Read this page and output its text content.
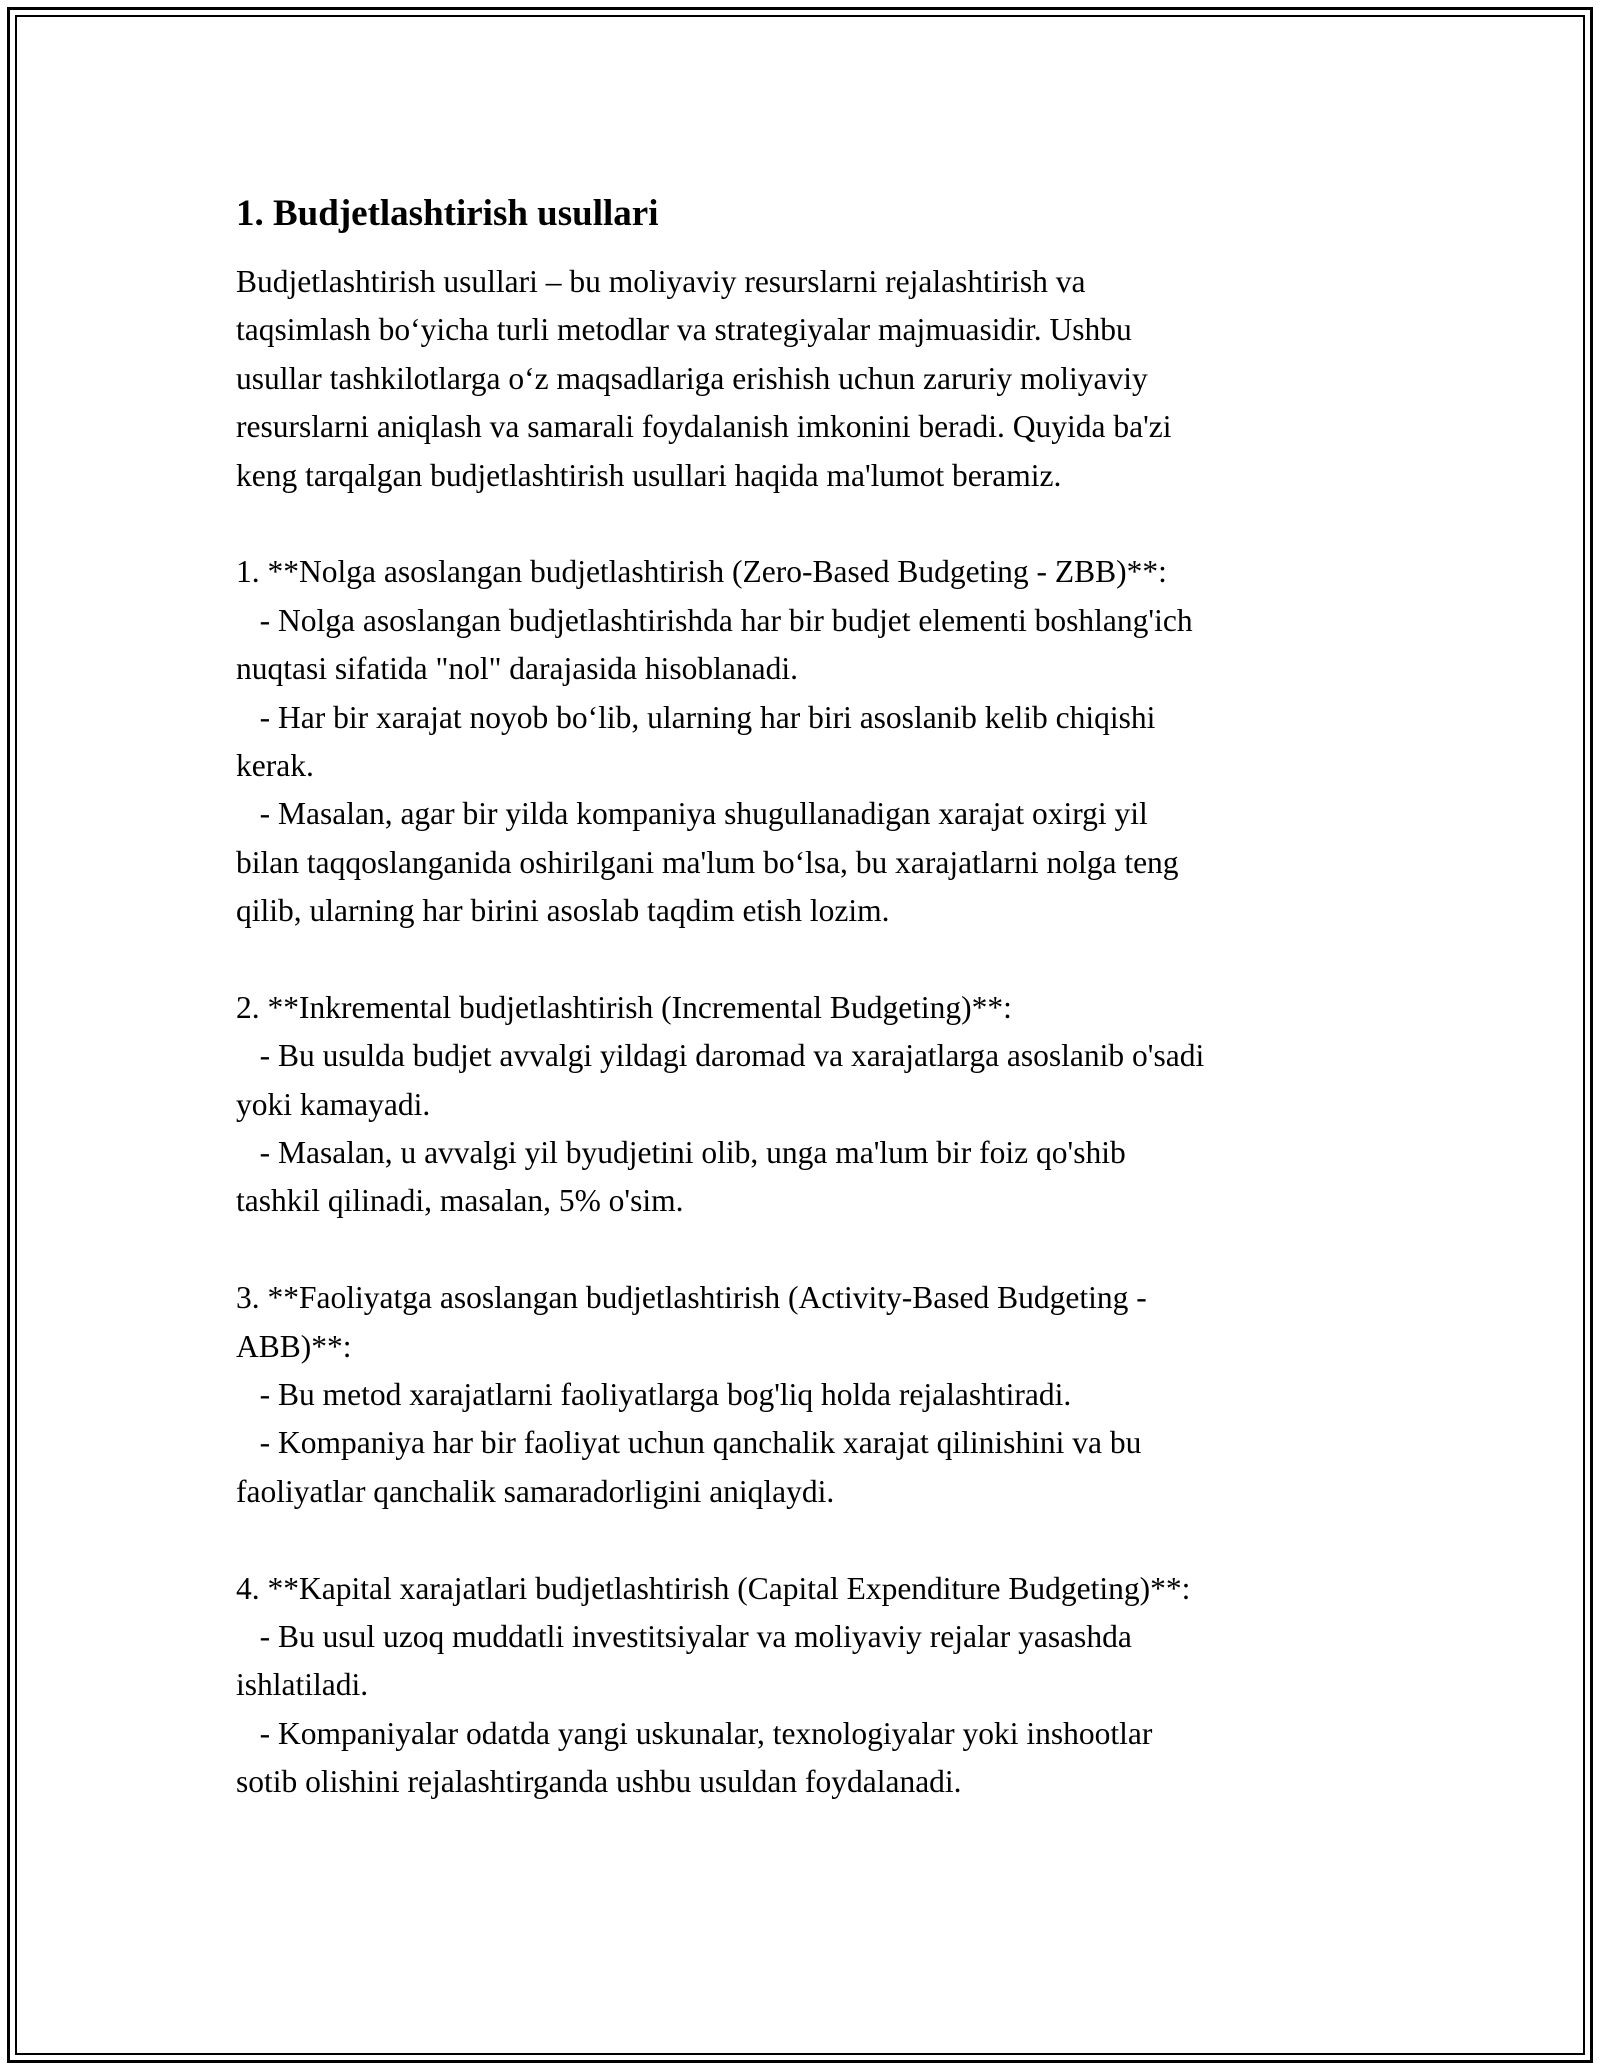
1. Budjetlashtirish usullari
Budjetlashtirish usullari – bu moliyaviy resurslarni rejalashtirish va
taqsimlash bo‘yicha turli metodlar va strategiyalar majmuasidir. Ushbu
usullar tashkilotlarga o‘z maqsadlariga erishish uchun zaruriy moliyaviy
resurslarni aniqlash va samarali foydalanish imkonini beradi. Quyida ba'zi
keng tarqalgan budjetlashtirish usullari haqida ma'lumot beramiz.
1. **Nolga asoslangan budjetlashtirish (Zero-Based Budgeting - ZBB)**:
- Nolga asoslangan budjetlashtirishda har bir budjet elementi boshlang'ich
nuqtasi sifatida "nol" darajasida hisoblanadi.
- Har bir xarajat noyob bo‘lib, ularning har biri asoslanib kelib chiqishi
kerak.
- Masalan, agar bir yilda kompaniya shugullanadigan xarajat oxirgi yil
bilan taqqoslanganida oshirilgani ma'lum bo‘lsa, bu xarajatlarni nolga teng
qilib, ularning har birini asoslab taqdim etish lozim.
2. **Inkremental budjetlashtirish (Incremental Budgeting)**:
- Bu usulda budjet avvalgi yildagi daromad va xarajatlarga asoslanib o'sadi
yoki kamayadi.
- Masalan, u avvalgi yil byudjetini olib, unga ma'lum bir foiz qo'shib
tashkil qilinadi, masalan, 5% o'sim.
3. **Faoliyatga asoslangan budjetlashtirish (Activity-Based Budgeting -
ABB)**:
- Bu metod xarajatlarni faoliyatlarga bog'liq holda rejalashtiradi.
- Kompaniya har bir faoliyat uchun qanchalik xarajat qilinishini va bu
faoliyatlar qanchalik samaradorligini aniqlaydi.
4. **Kapital xarajatlari budjetlashtirish (Capital Expenditure Budgeting)**:
- Bu usul uzoq muddatli investitsiyalar va moliyaviy rejalar yasashda
ishlatiladi.
- Kompaniyalar odatda yangi uskunalar, texnologiyalar yoki inshootlar
sotib olishini rejalashtirganda ushbu usuldan foydalanadi.
